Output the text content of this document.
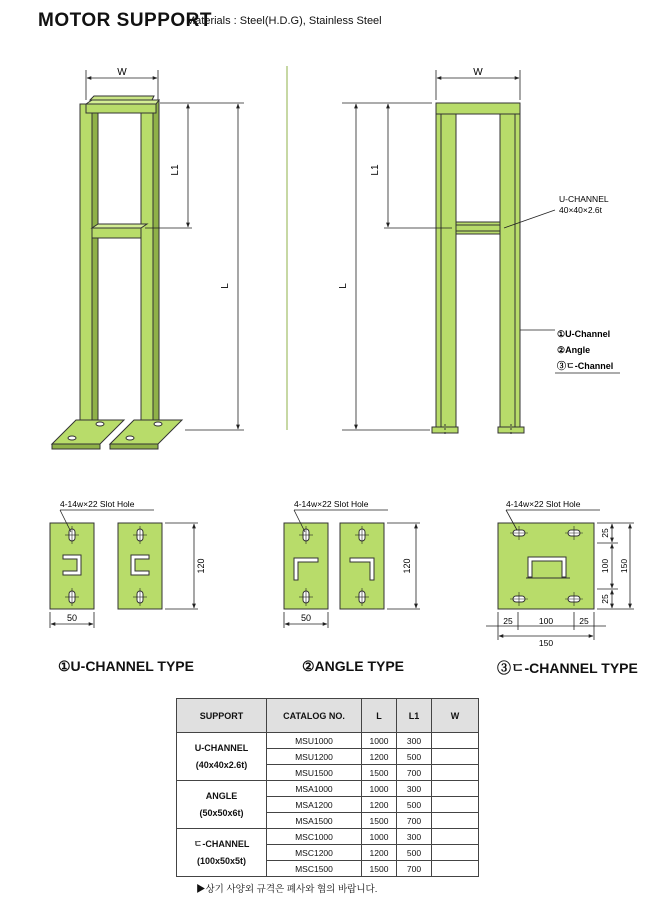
MOTOR SUPPORT
Materials : Steel(H.D.G), Stainless Steel
W
L1
L
W
L1
L
U-CHANNEL
40×40×2.6t
①U-Channel
②Angle
③ㄷ-Channel
4-14w×22 Slot Hole
50
120
4-14w×22 Slot Hole
50
120
4-14w×22 Slot Hole
25
100
25
150
25	100	25
150
①U-CHANNEL TYPE	②ANGLE TYPE	③ㄷ-CHANNEL TYPE
SUPPORT	CATALOG NO.	L	L1	W
U-CHANNEL
(40x40x2.6t)	MSU1000	1000	300	
	MSU1200	1200	500	
	MSU1500	1500	700	
ANGLE
(50x50x6t)	MSA1000	1000	300	
	MSA1200	1200	500	
	MSA1500	1500	700	
ㄷ-CHANNEL
(100x50x5t)	MSC1000	1000	300	
	MSC1200	1200	500	
	MSC1500	1500	700	
▶상기 사양외 규격은 폐사와 협의 바랍니다.
